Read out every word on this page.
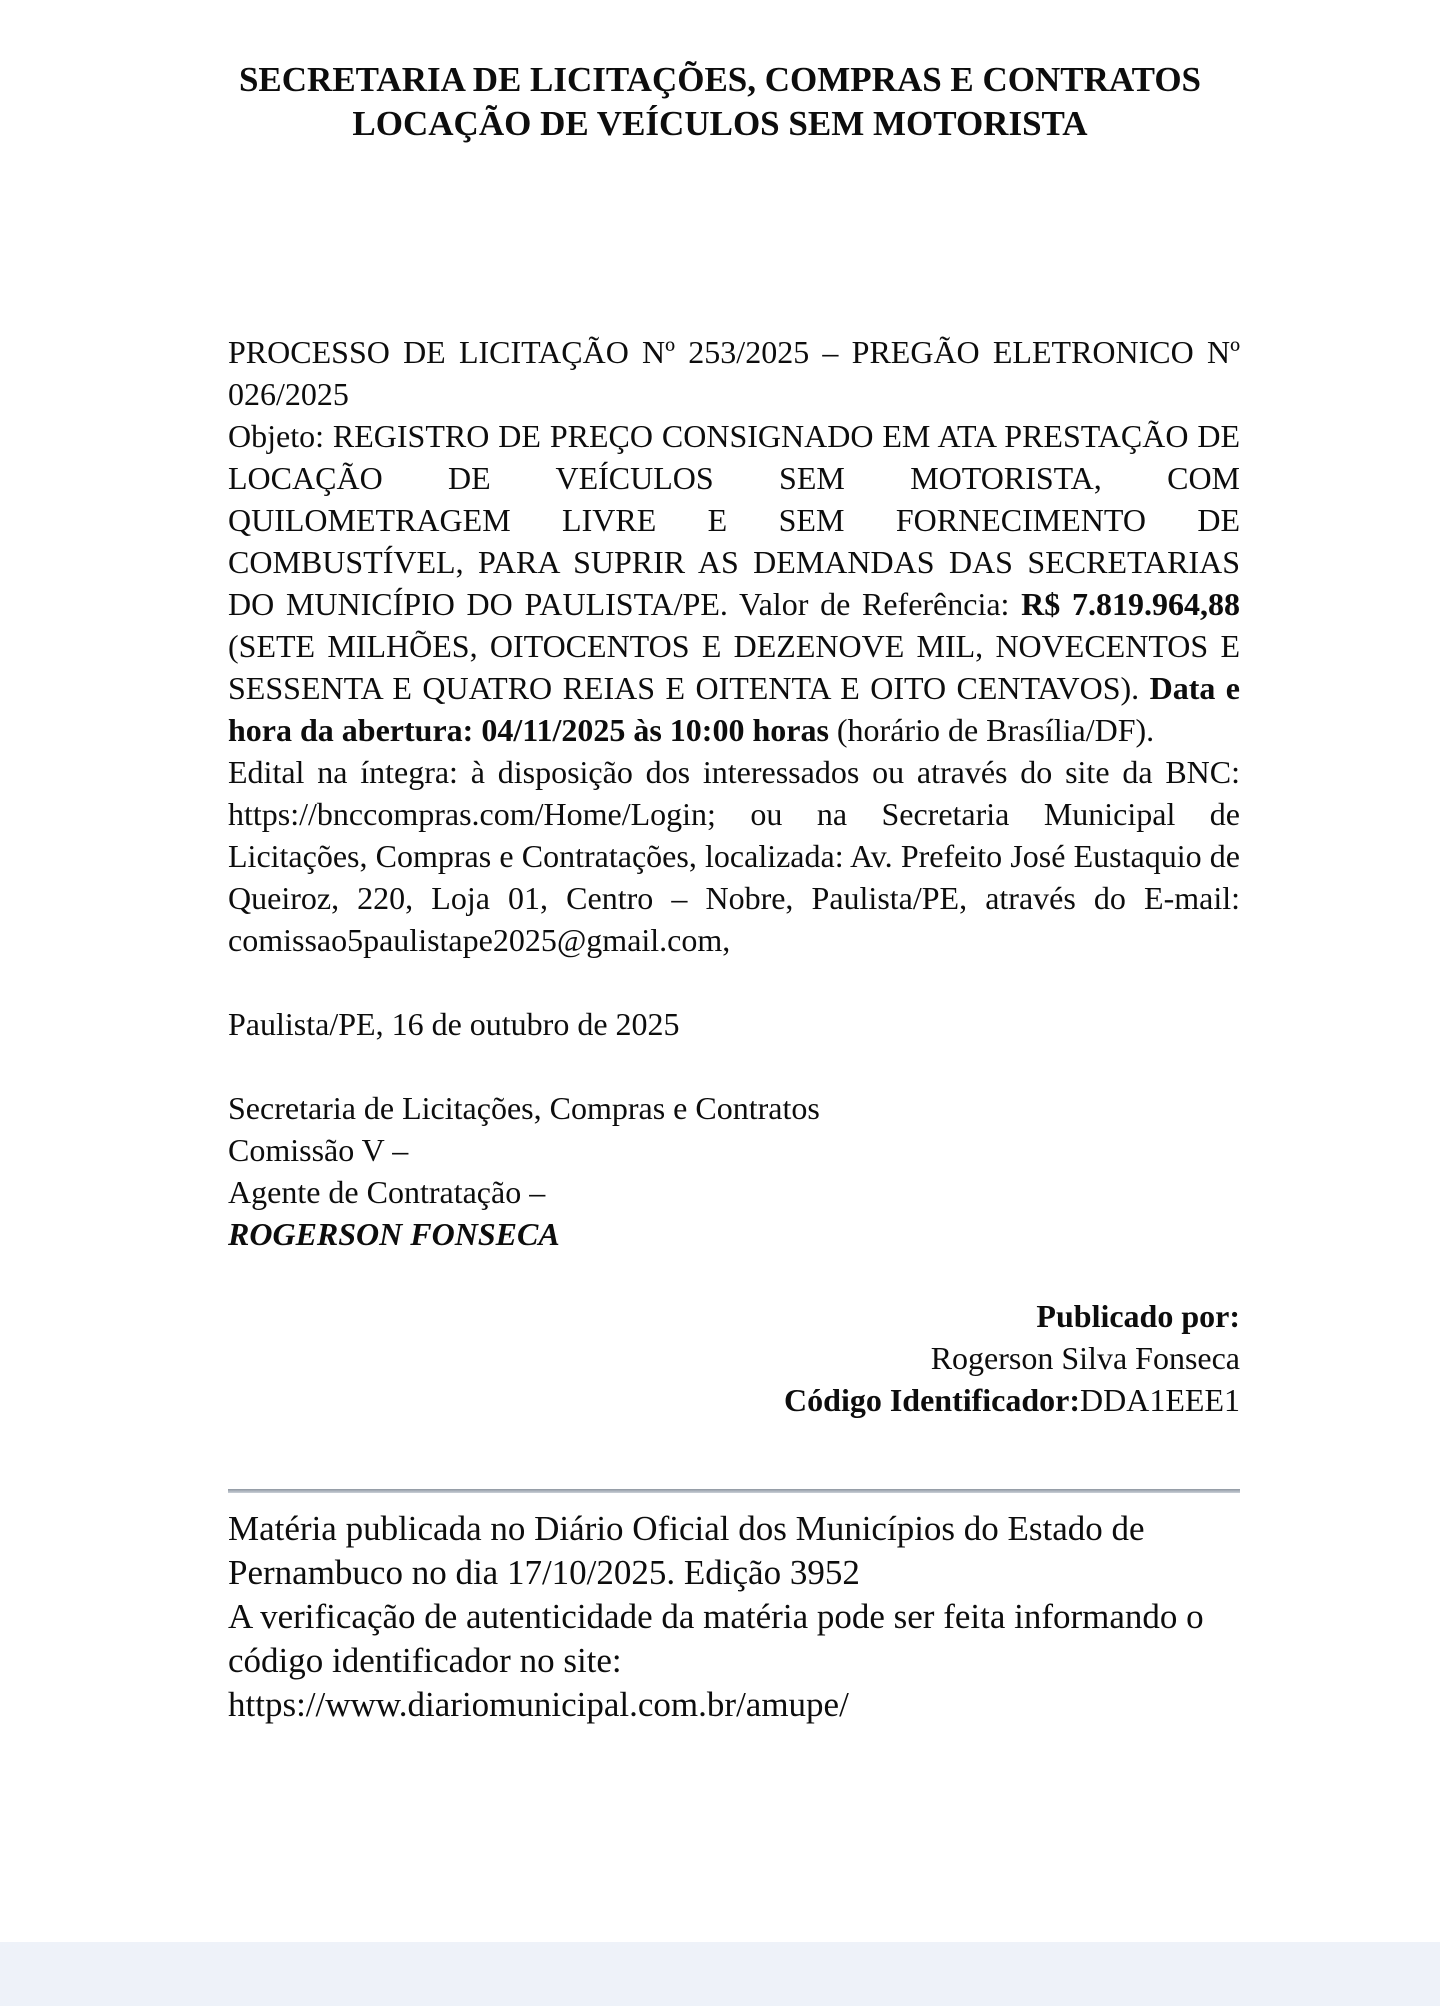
SECRETARIA DE LICITAÇÕES, COMPRAS E CONTRATOS
LOCAÇÃO DE VEÍCULOS SEM MOTORISTA

PROCESSO DE LICITAÇÃO Nº 253/2025 – PREGÃO ELETRONICO Nº 026/2025

Objeto: REGISTRO DE PREÇO CONSIGNADO EM ATA PRESTAÇÃO DE LOCAÇÃO DE VEÍCULOS SEM MOTORISTA, COM QUILOMETRAGEM LIVRE E SEM FORNECIMENTO DE COMBUSTÍVEL, PARA SUPRIR AS DEMANDAS DAS SECRETARIAS DO MUNICÍPIO DO PAULISTA/PE. Valor de Referência: R$ 7.819.964,88 (SETE MILHÕES, OITOCENTOS E DEZENOVE MIL, NOVECENTOS E SESSENTA E QUATRO REIAS E OITENTA E OITO CENTAVOS). Data e hora da abertura: 04/11/2025 às 10:00 horas (horário de Brasília/DF).

Edital na íntegra: à disposição dos interessados ou através do site da BNC: https://bnccompras.com/Home/Login; ou na Secretaria Municipal de Licitações, Compras e Contratações, localizada: Av. Prefeito José Eustaquio de Queiroz, 220, Loja 01, Centro – Nobre, Paulista/PE, através do E-mail: comissao5paulistape2025@gmail.com,

Paulista/PE, 16 de outubro de 2025
Secretaria de Licitações, Compras e Contratos
Comissão V –
Agente de Contratação –
ROGERSON FONSECA
Publicado por:
Rogerson Silva Fonseca
Código Identificador:DDA1EEE1

Matéria publicada no Diário Oficial dos Municípios do Estado de Pernambuco no dia 17/10/2025. Edição 3952

A verificação de autenticidade da matéria pode ser feita informando o código identificador no site: https://www.diariomunicipal.com.br/amupe/
